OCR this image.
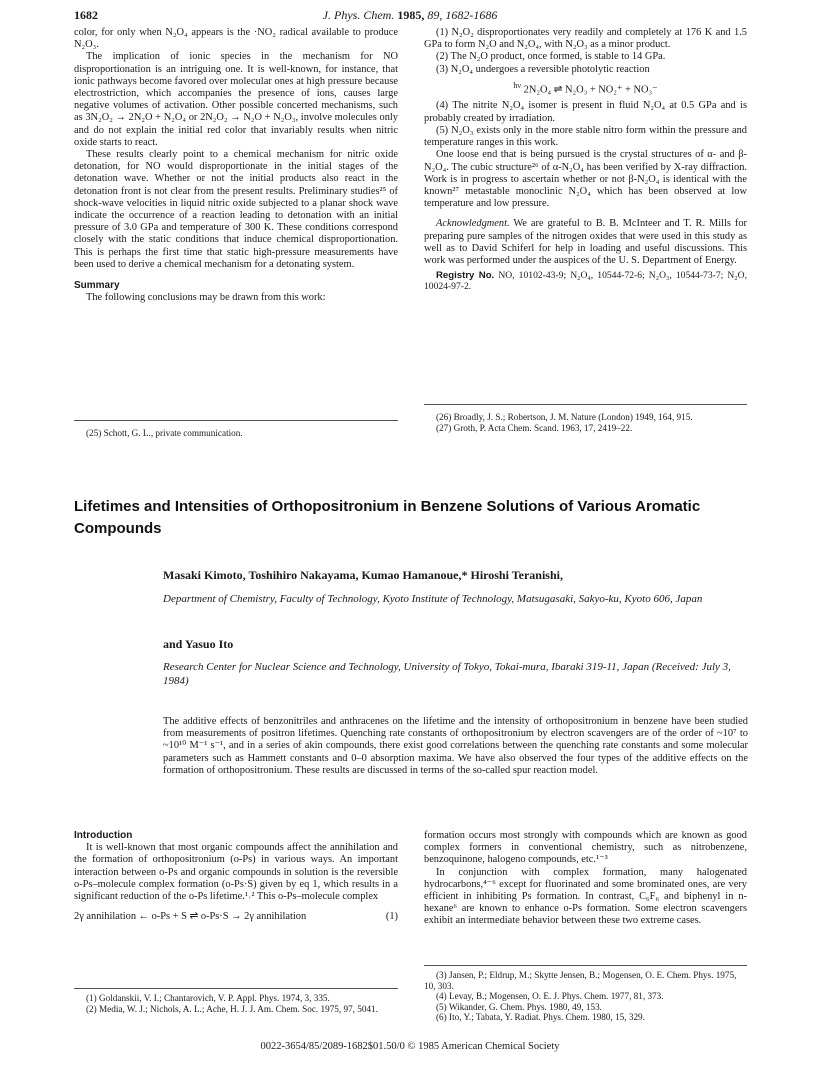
1682	J. Phys. Chem. 1985, 89, 1682-1686

color, for only when N₂O₄ appears is the ·NO₂ radical available to produce N₂O₃.

The implication of ionic species in the mechanism for NO disproportionation is an intriguing one. It is well-known, for instance, that ionic pathways become favored over molecular ones at high pressure because electrostriction, which accompanies the presence of ions, causes large negative volumes of activation. Other possible concerted mechanisms, such as 3N₂O₂ → 2N₂O + N₂O₄ or 2N₂O₂ → N₂O + N₂O₃, involve molecules only and do not explain the initial red color that invariably results when nitric oxide starts to react.

These results clearly point to a chemical mechanism for nitric oxide detonation, for NO would disproportionate in the initial stages of the detonation wave. Whether or not the initial products also react in the detonation front is not clear from the present results. Preliminary studies²⁵ of shock-wave velocities in liquid nitric oxide subjected to a planar shock wave indicate the occurrence of a reaction leading to detonation with an initial pressure of 3.0 GPa and temperature of 300 K. These conditions correspond closely with the static conditions that induce chemical disproportionation. This is perhaps the first time that static high-pressure measurements have been used to derive a chemical mechanism for a detonating system.

Summary

The following conclusions may be drawn from this work:

(25) Schott, G. L., private communication.

(1) N₂O₂ disproportionates very readily and completely at 176 K and 1.5 GPa to form N₂O and N₂O₄, with N₂O₃ as a minor product.

(2) The N₂O product, once formed, is stable to 14 GPa.

(3) N₂O₄ undergoes a reversible photolytic reaction

$^{h\nu}$ 2N₂O₄ ⇌ N₂O₃ + NO₂⁺ + NO₃⁻

(4) The nitrite N₂O₄ isomer is present in fluid N₂O₄ at 0.5 GPa and is probably created by irradiation.

(5) N₂O₃ exists only in the more stable nitro form within the pressure and temperature ranges in this work.

One loose end that is being pursued is the crystal structures of α- and β-N₂O₄. The cubic structure²⁶ of α-N₂O₄ has been verified by X-ray diffraction. Work is in progress to ascertain whether or not β-N₂O₄ is identical with the known²⁷ metastable monoclinic N₂O₄ which has been observed at low temperature and low pressure.

Acknowledgment. We are grateful to B. B. McInteer and T. R. Mills for preparing pure samples of the nitrogen oxides that were used in this study as well as to David Schiferl for help in loading and useful discussions. This work was performed under the auspices of the U. S. Department of Energy.

Registry No. NO, 10102-43-9; N₂O₄, 10544-72-6; N₂O₃, 10544-73-7; N₂O, 10024-97-2.

(26) Broadly, J. S.; Robertson, J. M. Nature (London) 1949, 164, 915.

(27) Groth, P. Acta Chem. Scand. 1963, 17, 2419–22.

Lifetimes and Intensities of Orthopositronium in Benzene Solutions of Various Aromatic Compounds
Masaki Kimoto, Toshihiro Nakayama, Kumao Hamanoue,* Hiroshi Teranishi,
Department of Chemistry, Faculty of Technology, Kyoto Institute of Technology, Matsugasaki, Sakyo-ku, Kyoto 606, Japan
and Yasuo Ito
Research Center for Nuclear Science and Technology, University of Tokyo, Tokai-mura, Ibaraki 319-11, Japan (Received: July 3, 1984)
The additive effects of benzonitriles and anthracenes on the lifetime and the intensity of orthopositronium in benzene have been studied from measurements of positron lifetimes. Quenching rate constants of orthopositronium by electron scavengers are of the order of ~10⁷ to ~10¹⁰ M⁻¹ s⁻¹, and in a series of akin compounds, there exist good correlations between the quenching rate constants and some molecular parameters such as Hammett constants and 0–0 absorption maxima. We have also observed the four types of the additive effects on the formation of orthopositronium. These results are discussed in terms of the so-called spur reaction model.
Introduction

It is well-known that most organic compounds affect the annihilation and the formation of orthopositronium (o-Ps) in various ways. An important interaction between o-Ps and organic compounds in solution is the reversible o-Ps–molecule complex formation (o-Ps·S) given by eq 1, which results in a significant reduction of the o-Ps lifetime.¹˒² This o-Ps–molecule complex

2γ annihilation ← o-Ps + S ⇌ o-Ps·S → 2γ annihilation	(1)

(1) Goldanskii, V. I.; Chantarovich, V. P. Appl. Phys. 1974, 3, 335.

(2) Media, W. J.; Nichols, A. L.; Ache, H. J. J. Am. Chem. Soc. 1975, 97, 5041.

formation occurs most strongly with compounds which are known as good complex formers in conventional chemistry, such as nitrobenzene, benzoquinone, halogeno compounds, etc.¹⁻³

In conjunction with complex formation, many halogenated hydrocarbons,⁴⁻⁶ except for fluorinated and some brominated ones, are very efficient in inhibiting Ps formation. In contrast, C₆F₆ and biphenyl in n-hexane⁶ are known to enhance o-Ps formation. Some electron scavengers exhibit an intermediate behavior between these two extreme cases.

(3) Jansen, P.; Eldrup, M.; Skytte Jensen, B.; Mogensen, O. E. Chem. Phys. 1975, 10, 303.

(4) Levay, B.; Mogensen, O. E. J. Phys. Chem. 1977, 81, 373.

(5) Wikander, G. Chem. Phys. 1980, 49, 153.

(6) Ito, Y.; Tabata, Y. Radiat. Phys. Chem. 1980, 15, 329.

0022-3654/85/2089-1682$01.50/0 © 1985 American Chemical Society
